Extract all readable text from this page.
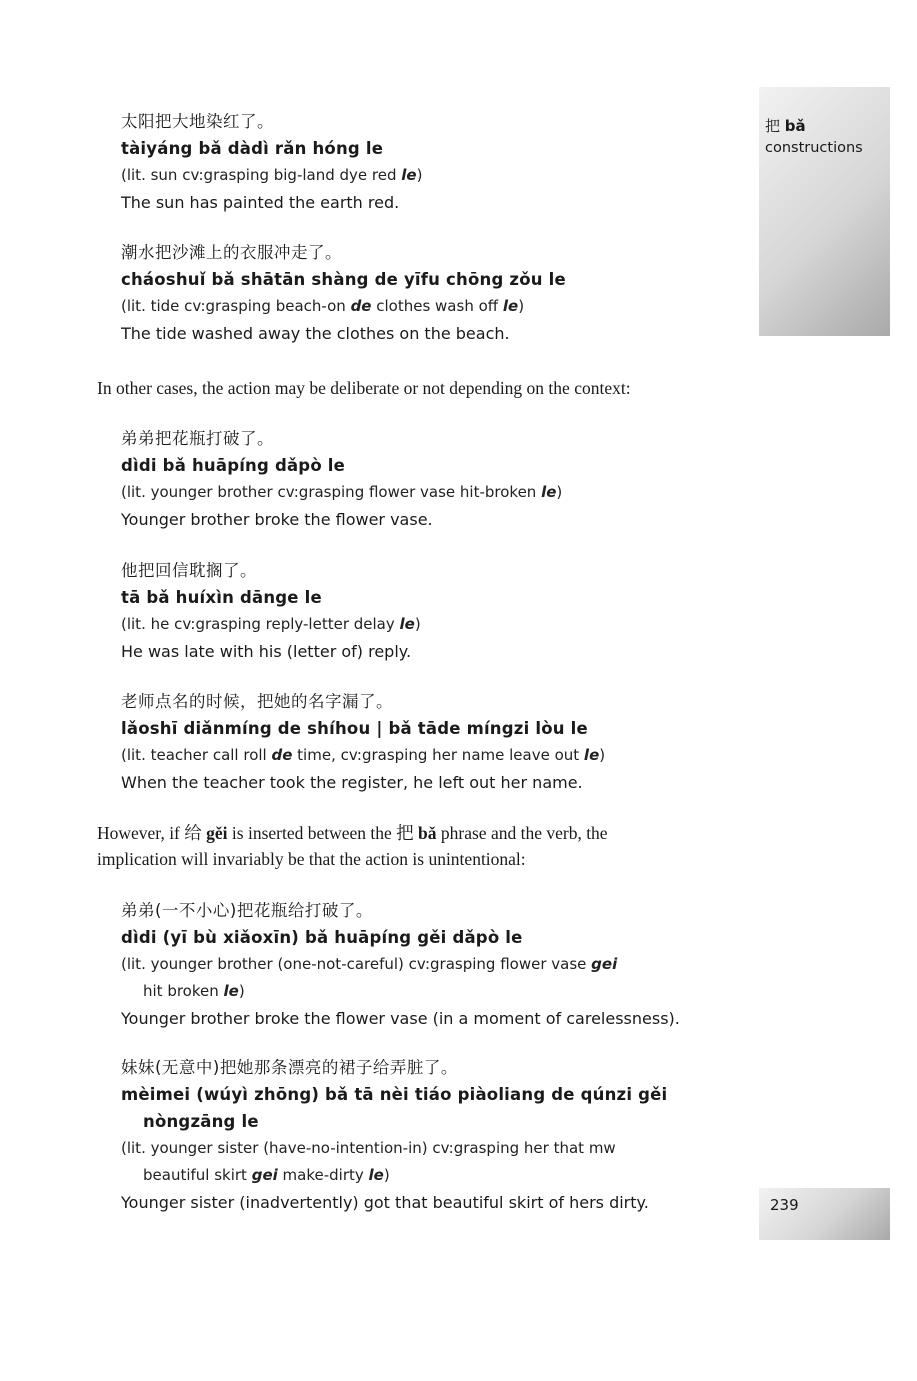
把 bǎ
constructions
太阳把大地染红了。
tàiyáng bǎ dàdì rǎn hóng le
(lit. sun cv:grasping big-land dye red le)
The sun has painted the earth red.
潮水把沙滩上的衣服冲走了。
cháoshuǐ bǎ shātān shàng de yīfu chōng zǒu le
(lit. tide cv:grasping beach-on de clothes wash off le)
The tide washed away the clothes on the beach.
In other cases, the action may be deliberate or not depending on the context:
弟弟把花瓶打破了。
dìdi bǎ huāpíng dǎpò le
(lit. younger brother cv:grasping flower vase hit-broken le)
Younger brother broke the flower vase.
他把回信耽搁了。
tā bǎ huíxìn dānge le
(lit. he cv:grasping reply-letter delay le)
He was late with his (letter of) reply.
老师点名的时候，把她的名字漏了。
lǎoshī diǎnmíng de shíhou | bǎ tāde míngzi lòu le
(lit. teacher call roll de time, cv:grasping her name leave out le)
When the teacher took the register, he left out her name.
However, if 给 gěi is inserted between the 把 bǎ phrase and the verb, the
implication will invariably be that the action is unintentional:
弟弟(一不小心)把花瓶给打破了。
dìdi (yī bù xiǎoxīn) bǎ huāpíng gěi dǎpò le
(lit. younger brother (one-not-careful) cv:grasping flower vase gei
hit broken le)
Younger brother broke the flower vase (in a moment of carelessness).
妹妹(无意中)把她那条漂亮的裙子给弄脏了。
mèimei (wúyì zhōng) bǎ tā nèi tiáo piàoliang de qúnzi gěi
nòngzāng le
(lit. younger sister (have-no-intention-in) cv:grasping her that mw
beautiful skirt gei make-dirty le)
Younger sister (inadvertently) got that beautiful skirt of hers dirty.	239
